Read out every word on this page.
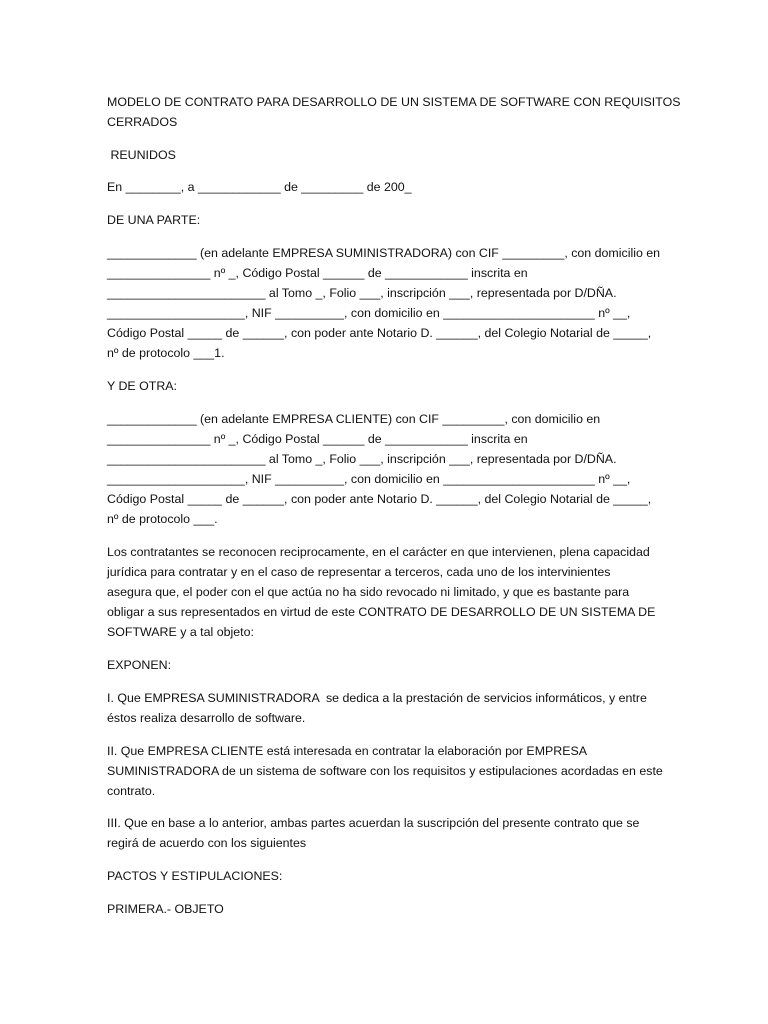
MODELO DE CONTRATO PARA DESARROLLO DE UN SISTEMA DE SOFTWARE CON REQUISITOS
CERRADOS
REUNIDOS
En ________, a ____________ de _________ de 200_
DE UNA PARTE:
_____________ (en adelante EMPRESA SUMINISTRADORA) con CIF _________, con domicilio en
_______________ nº _, Código Postal ______ de ____________ inscrita en
_______________________ al Tomo _, Folio ___, inscripción ___, representada por D/DÑA.
____________________, NIF __________, con domicilio en ______________________ nº __,
Código Postal _____ de ______, con poder ante Notario D. ______, del Colegio Notarial de _____,
nº de protocolo ___1.
Y DE OTRA:
_____________ (en adelante EMPRESA CLIENTE) con CIF _________, con domicilio en
_______________ nº _, Código Postal ______ de ____________ inscrita en
_______________________ al Tomo _, Folio ___, inscripción ___, representada por D/DÑA.
____________________, NIF __________, con domicilio en ______________________ nº __,
Código Postal _____ de ______, con poder ante Notario D. ______, del Colegio Notarial de _____,
nº de protocolo ___.
Los contratantes se reconocen reciprocamente, en el carácter en que intervienen, plena capacidad
jurídica para contratar y en el caso de representar a terceros, cada uno de los intervinientes
asegura que, el poder con el que actúa no ha sido revocado ni limitado, y que es bastante para
obligar a sus representados en virtud de este CONTRATO DE DESARROLLO DE UN SISTEMA DE
SOFTWARE y a tal objeto:
EXPONEN:
I. Que EMPRESA SUMINISTRADORA  se dedica a la prestación de servicios informáticos, y entre
éstos realiza desarrollo de software.
II. Que EMPRESA CLIENTE está interesada en contratar la elaboración por EMPRESA
SUMINISTRADORA de un sistema de software con los requisitos y estipulaciones acordadas en este
contrato.
III. Que en base a lo anterior, ambas partes acuerdan la suscripción del presente contrato que se
regirá de acuerdo con los siguientes
PACTOS Y ESTIPULACIONES:
PRIMERA.- OBJETO
